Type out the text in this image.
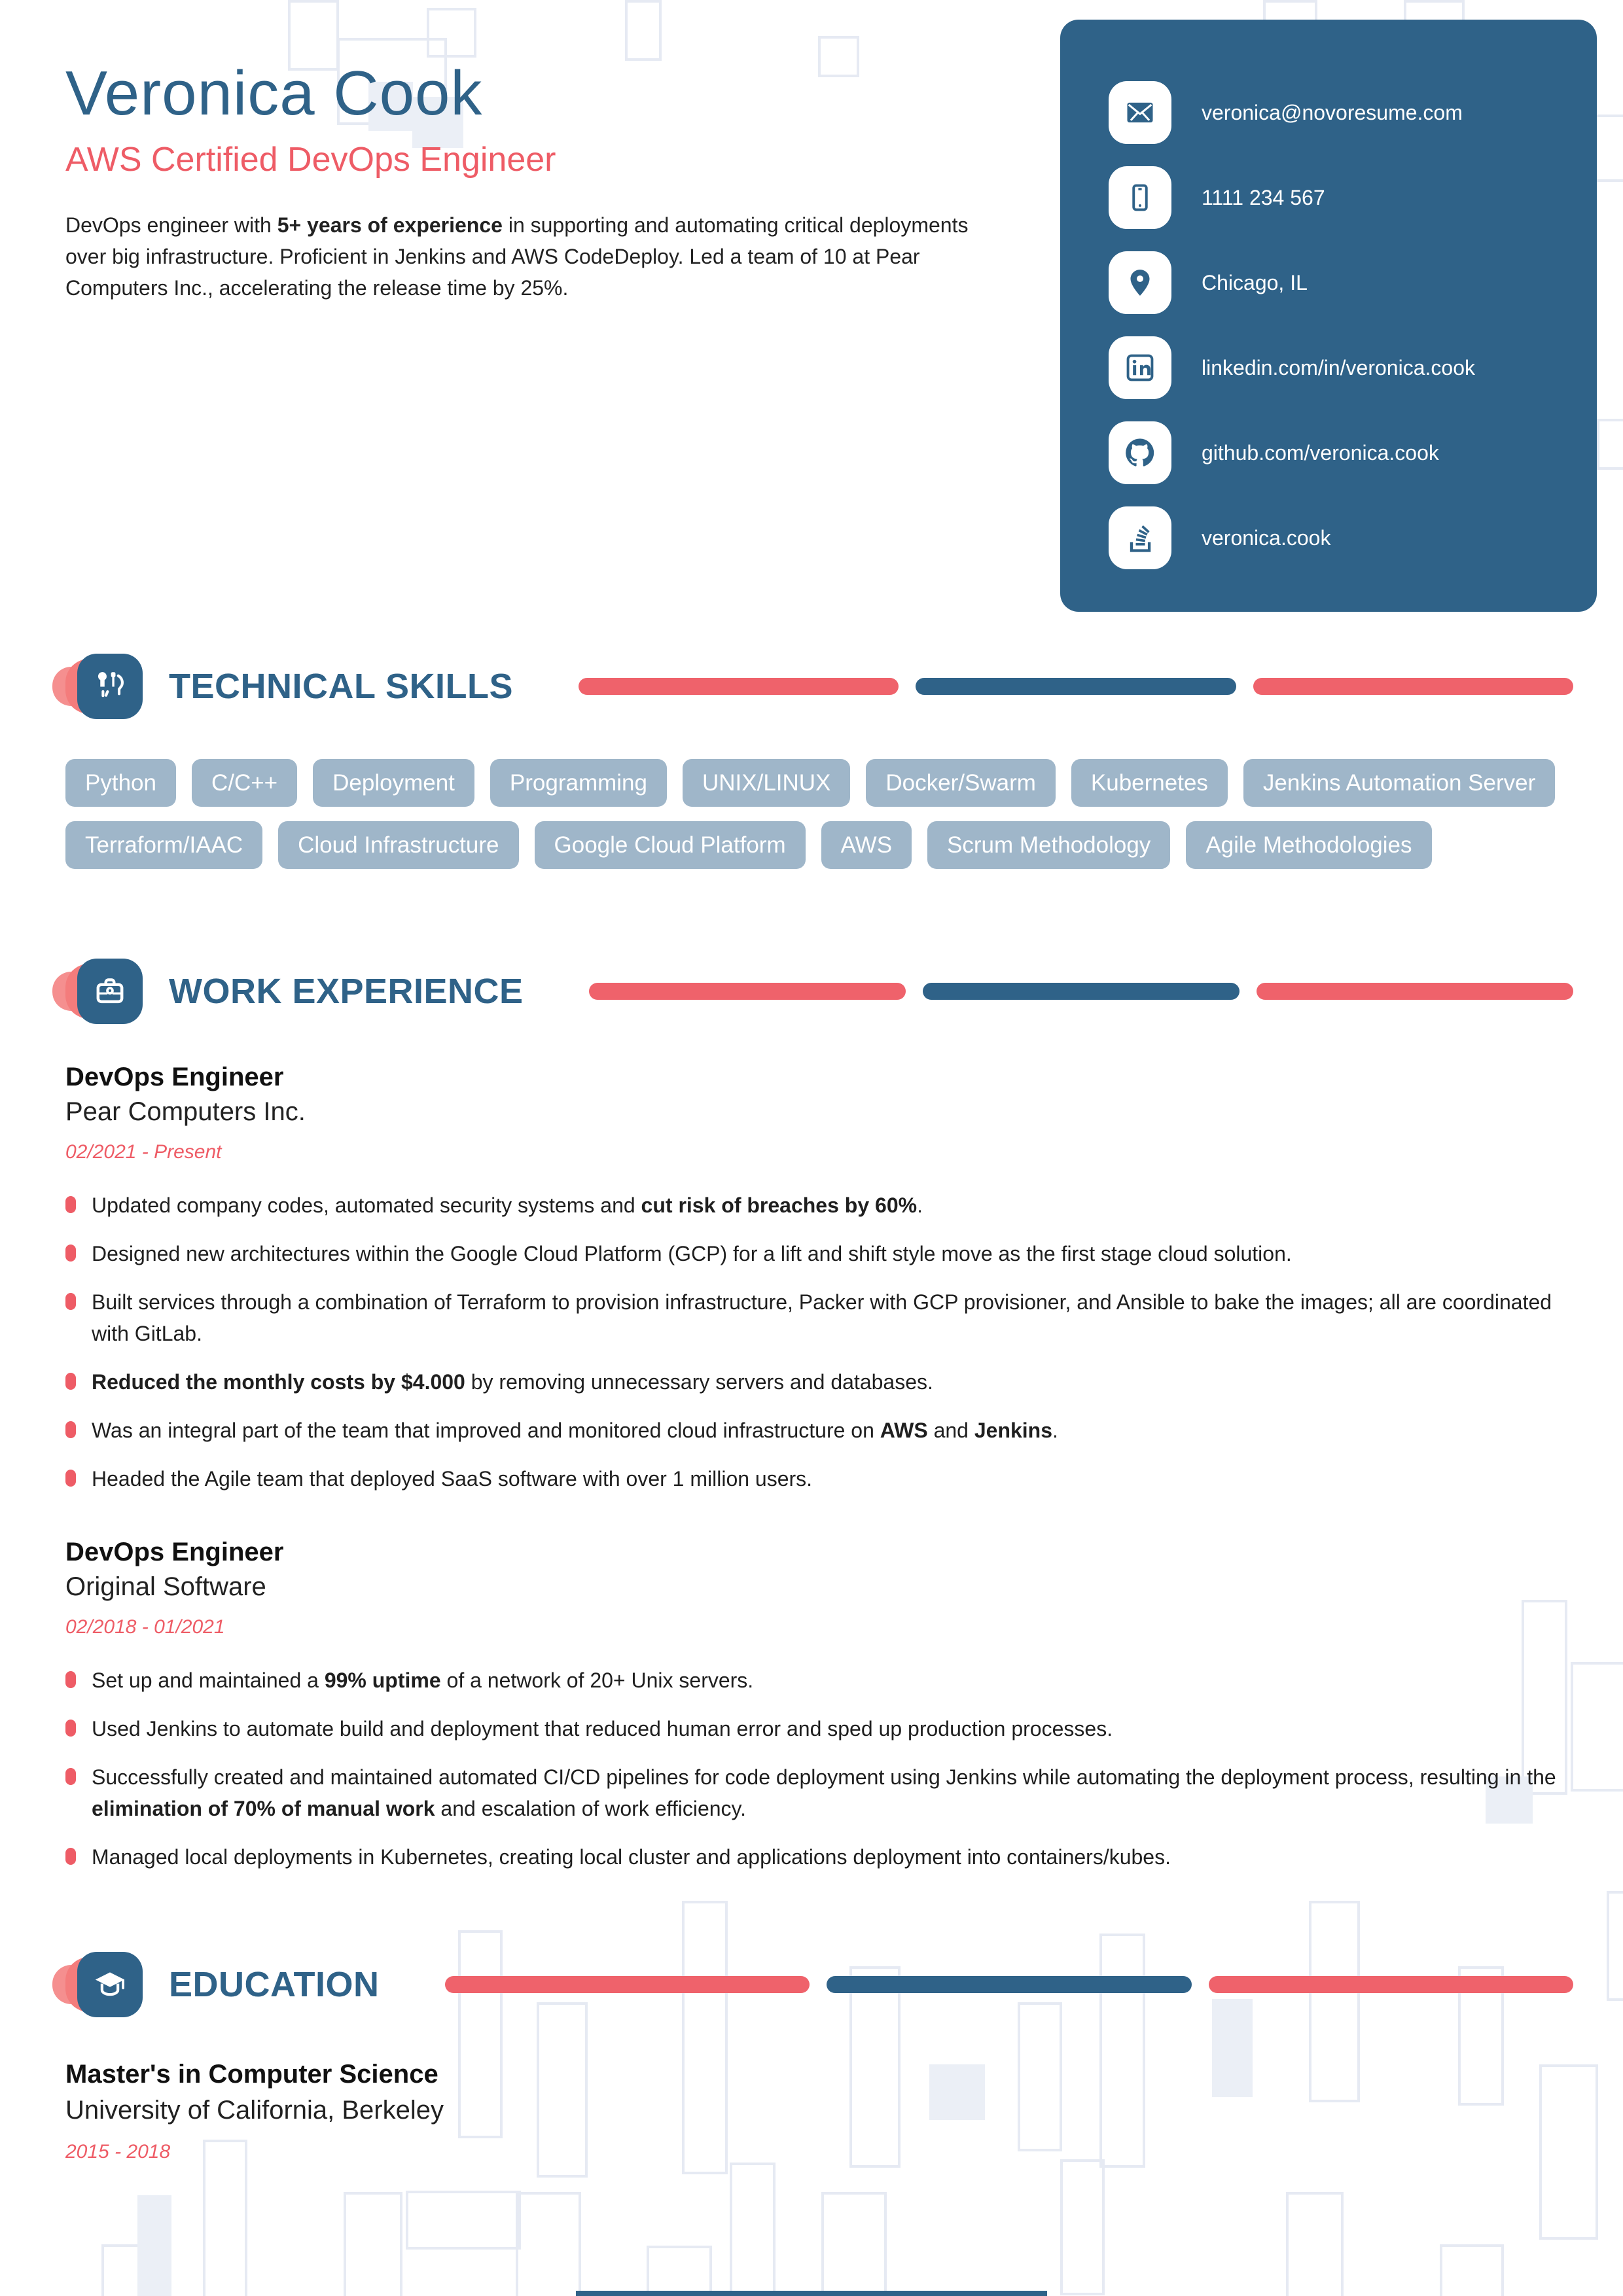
Veronica Cook
AWS Certified DevOps Engineer

DevOps engineer with 5+ years of experience in supporting and automating critical deployments over big infrastructure. Proficient in Jenkins and AWS CodeDeploy. Led a team of 10 at Pear Computers Inc., accelerating the release time by 25%.

veronica@novoresume.com
1111 234 567
Chicago, IL
linkedin.com/in/veronica.cook
github.com/veronica.cook
veronica.cook
TECHNICAL SKILLS
Python	C/C++	Deployment	Programming	UNIX/LINUX	Docker/Swarm	Kubernetes	Jenkins Automation Server
Terraform/IAAC	Cloud Infrastructure	Google Cloud Platform	AWS	Scrum Methodology	Agile Methodologies
WORK EXPERIENCE

DevOps Engineer

Pear Computers Inc.

02/2021 - Present

Updated company codes, automated security systems and cut risk of breaches by 60%.

Designed new architectures within the Google Cloud Platform (GCP) for a lift and shift style move as the first stage cloud solution.

Built services through a combination of Terraform to provision infrastructure, Packer with GCP provisioner, and Ansible to bake the images; all are coordinated with GitLab.

Reduced the monthly costs by $4.000 by removing unnecessary servers and databases.

Was an integral part of the team that improved and monitored cloud infrastructure on AWS and Jenkins.

Headed the Agile team that deployed SaaS software with over 1 million users.

DevOps Engineer

Original Software

02/2018 - 01/2021

Set up and maintained a 99% uptime of a network of 20+ Unix servers.

Used Jenkins to automate build and deployment that reduced human error and sped up production processes.

Successfully created and maintained automated CI/CD pipelines for code deployment using Jenkins while automating the deployment process, resulting in the elimination of 70% of manual work and escalation of work efficiency.

Managed local deployments in Kubernetes, creating local cluster and applications deployment into containers/kubes.

EDUCATION

Master's in Computer Science

University of California, Berkeley

2015 - 2018
